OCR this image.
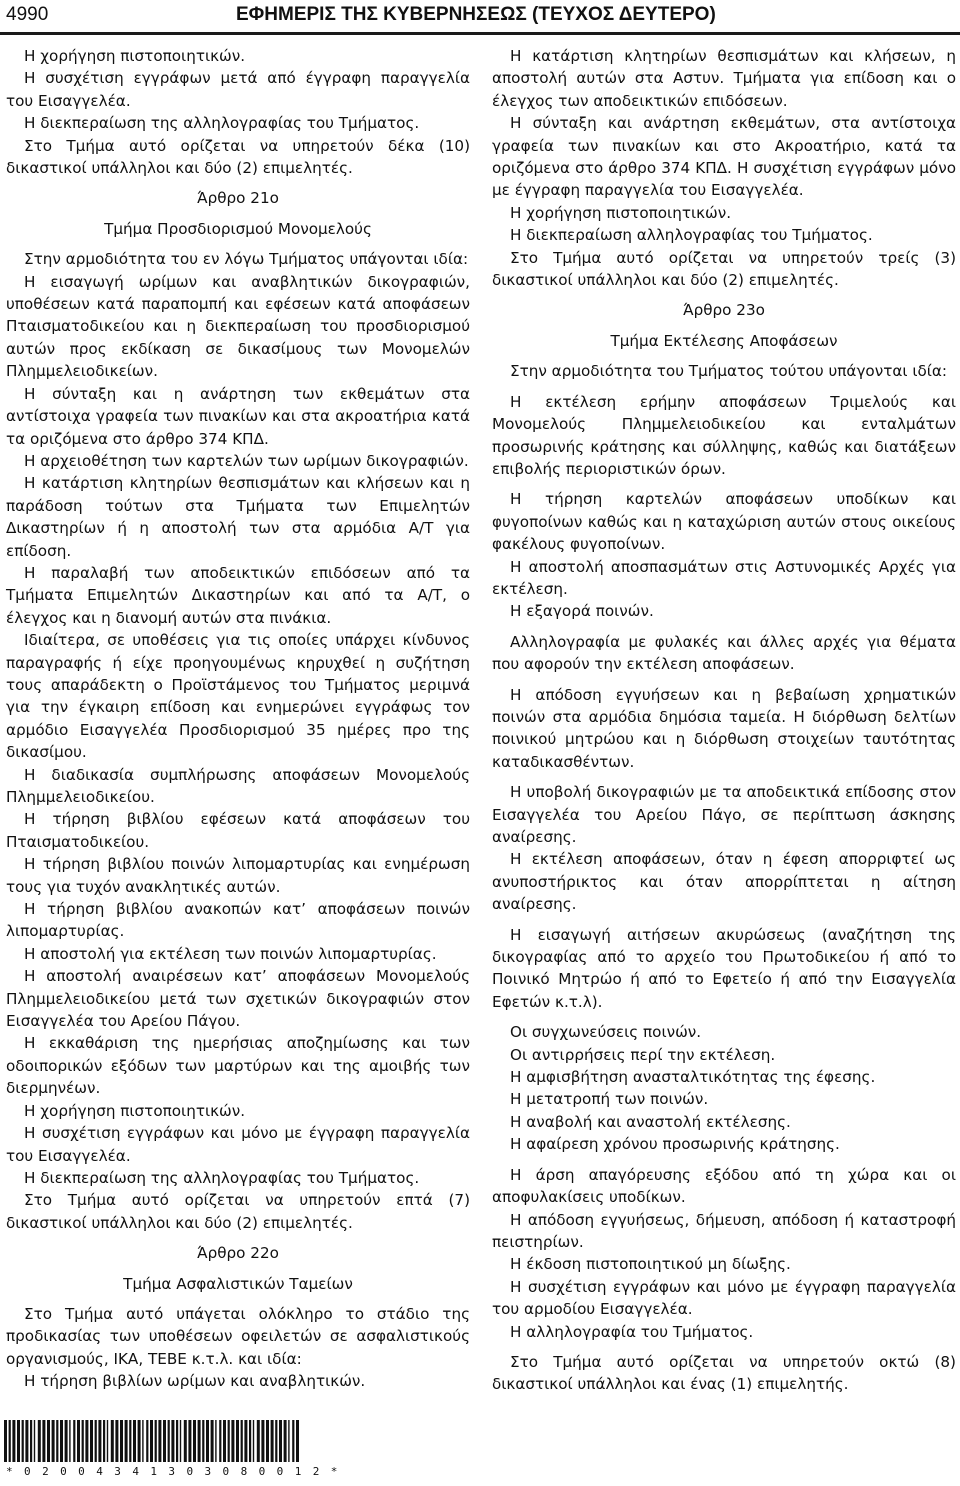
4990	ΕΦΗΜΕΡΙΣ ΤΗΣ ΚΥΒΕΡΝΗΣΕΩΣ (ΤΕΥΧΟΣ ΔΕΥΤΕΡΟ)

Η χορήγηση πιστοποιητικών.

Η συσχέτιση εγγράφων μετά από έγγραφη παραγγελία του Εισαγγελέα.

Η διεκπεραίωση της αλληλογραφίας του Τμήματος.

Στο Τμήμα αυτό ορίζεται να υπηρετούν δέκα (10) δικαστικοί υπάλληλοι και δύο (2) επιμελητές.

Άρθρο 21ο

Τμήμα Προσδιορισμού Μονομελούς

Στην αρμοδιότητα του εν λόγω Τμήματος υπάγονται ιδία:

Η εισαγωγή ωρίμων και αναβλητικών δικογραφιών, υποθέσεων κατά παραπομπή και εφέσεων κατά αποφάσεων Πταισματοδικείου και η διεκπεραίωση του προσδιορισμού αυτών προς εκδίκαση σε δικασίμους των Μονομελών Πλημμελειοδικείων.

Η σύνταξη και η ανάρτηση των εκθεμάτων στα αντίστοιχα γραφεία των πινακίων και στα ακροατήρια κατά τα οριζόμενα στο άρθρο 374 ΚΠΔ.

Η αρχειοθέτηση των καρτελών των ωρίμων δικογραφιών.

Η κατάρτιση κλητηρίων θεσπισμάτων και κλήσεων και η παράδοση τούτων στα Τμήματα των Επιμελητών Δικαστηρίων ή η αποστολή των στα αρμόδια Α/Τ για επίδοση.

Η παραλαβή των αποδεικτικών επιδόσεων από τα Τμήματα Επιμελητών Δικαστηρίων και από τα Α/Τ, ο έλεγχος και η διανομή αυτών στα πινάκια.

Ιδιαίτερα, σε υποθέσεις για τις οποίες υπάρχει κίνδυνος παραγραφής ή είχε προηγουμένως κηρυχθεί η συζήτηση τους απαράδεκτη ο Προϊστάμενος του Τμήματος μεριμνά για την έγκαιρη επίδοση και ενημερώνει εγγράφως τον αρμόδιο Εισαγγελέα Προσδιορισμού 35 ημέρες προ της δικασίμου.

Η διαδικασία συμπλήρωσης αποφάσεων Μονομελούς Πλημμελειοδικείου.

Η τήρηση βιβλίου εφέσεων κατά αποφάσεων του Πταισματοδικείου.

Η τήρηση βιβλίου ποινών λιπομαρτυρίας και ενημέρωση τους για τυχόν ανακλητικές αυτών.

Η τήρηση βιβλίου ανακοπών κατ’ αποφάσεων ποινών λιπομαρτυρίας.

Η αποστολή για εκτέλεση των ποινών λιπομαρτυρίας.

Η αποστολή αναιρέσεων κατ’ αποφάσεων Μονομελούς Πλημμελειοδικείου μετά των σχετικών δικογραφιών στον Εισαγγελέα του Αρείου Πάγου.

Η εκκαθάριση της ημερήσιας αποζημίωσης και των οδοιπορικών εξόδων των μαρτύρων και της αμοιβής των διερμηνέων.

Η χορήγηση πιστοποιητικών.

Η συσχέτιση εγγράφων και μόνο με έγγραφη παραγγελία του Εισαγγελέα.

Η διεκπεραίωση της αλληλογραφίας του Τμήματος.

Στο Τμήμα αυτό ορίζεται να υπηρετούν επτά (7) δικαστικοί υπάλληλοι και δύο (2) επιμελητές.

Άρθρο 22ο

Τμήμα Ασφαλιστικών Ταμείων

Στο Τμήμα αυτό υπάγεται ολόκληρο το στάδιο της προδικασίας των υποθέσεων οφειλετών σε ασφαλιστικούς οργανισμούς, ΙΚΑ, ΤΕΒΕ κ.τ.λ. και ιδία:

Η τήρηση βιβλίων ωρίμων και αναβλητικών.

Η κατάρτιση κλητηρίων θεσπισμάτων και κλήσεων, η αποστολή αυτών στα Αστυν. Τμήματα για επίδοση και ο έλεγχος των αποδεικτικών επιδόσεων.

Η σύνταξη και ανάρτηση εκθεμάτων, στα αντίστοιχα γραφεία των πινακίων και στο Ακροατήριο, κατά τα οριζόμενα στο άρθρο 374 ΚΠΔ. Η συσχέτιση εγγράφων μόνο με έγγραφη παραγγελία του Εισαγγελέα.

Η χορήγηση πιστοποιητικών.

Η διεκπεραίωση αλληλογραφίας του Τμήματος.

Στο Τμήμα αυτό ορίζεται να υπηρετούν τρείς (3) δικαστικοί υπάλληλοι και δύο (2) επιμελητές.

Άρθρο 23ο

Τμήμα Εκτέλεσης Αποφάσεων

Στην αρμοδιότητα του Τμήματος τούτου υπάγονται ιδία:

Η εκτέλεση ερήμην αποφάσεων Τριμελούς και Μονομελούς Πλημμελειοδικείου και ενταλμάτων προσωρινής κράτησης και σύλληψης, καθώς και διατάξεων επιβολής περιοριστικών όρων.

Η τήρηση καρτελών αποφάσεων υποδίκων και φυγοποίνων καθώς και η καταχώριση αυτών στους οικείους φακέλους φυγοποίνων.

Η αποστολή αποσπασμάτων στις Αστυνομικές Αρχές για εκτέλεση.

Η εξαγορά ποινών.

Αλληλογραφία με φυλακές και άλλες αρχές για θέματα που αφορούν την εκτέλεση αποφάσεων.

Η απόδοση εγγυήσεων και η βεβαίωση χρηματικών ποινών στα αρμόδια δημόσια ταμεία. Η διόρθωση δελτίων ποινικού μητρώου και η διόρθωση στοιχείων ταυτότητας καταδικασθέντων.

Η υποβολή δικογραφιών με τα αποδεικτικά επίδοσης στον Εισαγγελέα του Αρείου Πάγο, σε περίπτωση άσκησης αναίρεσης.

Η εκτέλεση αποφάσεων, όταν η έφεση απορριφτεί ως ανυποστήρικτος και όταν απορρίπτεται η αίτηση αναίρεσης.

Η εισαγωγή αιτήσεων ακυρώσεως (αναζήτηση της δικογραφίας από το αρχείο του Πρωτοδικείου ή από το Ποινικό Μητρώο ή από το Εφετείο ή από την Εισαγγελία Εφετών κ.τ.λ).

Οι συγχωνεύσεις ποινών.

Οι αντιρρήσεις περί την εκτέλεση.

Η αμφισβήτηση ανασταλτικότητας της έφεσης.

Η μετατροπή των ποινών.

Η αναβολή και αναστολή εκτέλεσης.

Η αφαίρεση χρόνου προσωρινής κράτησης.

Η άρση απαγόρευσης εξόδου από τη χώρα και οι αποφυλακίσεις υποδίκων.

Η απόδοση εγγυήσεως, δήμευση, απόδοση ή καταστροφή πειστηρίων.

Η έκδοση πιστοποιητικού μη δίωξης.

Η συσχέτιση εγγράφων και μόνο με έγγραφη παραγγελία του αρμοδίου Εισαγγελέα.

Η αλληλογραφία του Τμήματος.

Στο Τμήμα αυτό ορίζεται να υπηρετούν οκτώ (8) δικαστικοί υπάλληλοι και ένας (1) επιμελητής.

* 0 2 0 0 4 3 4 1 3 0 3 0 8 0 0 1 2 *
